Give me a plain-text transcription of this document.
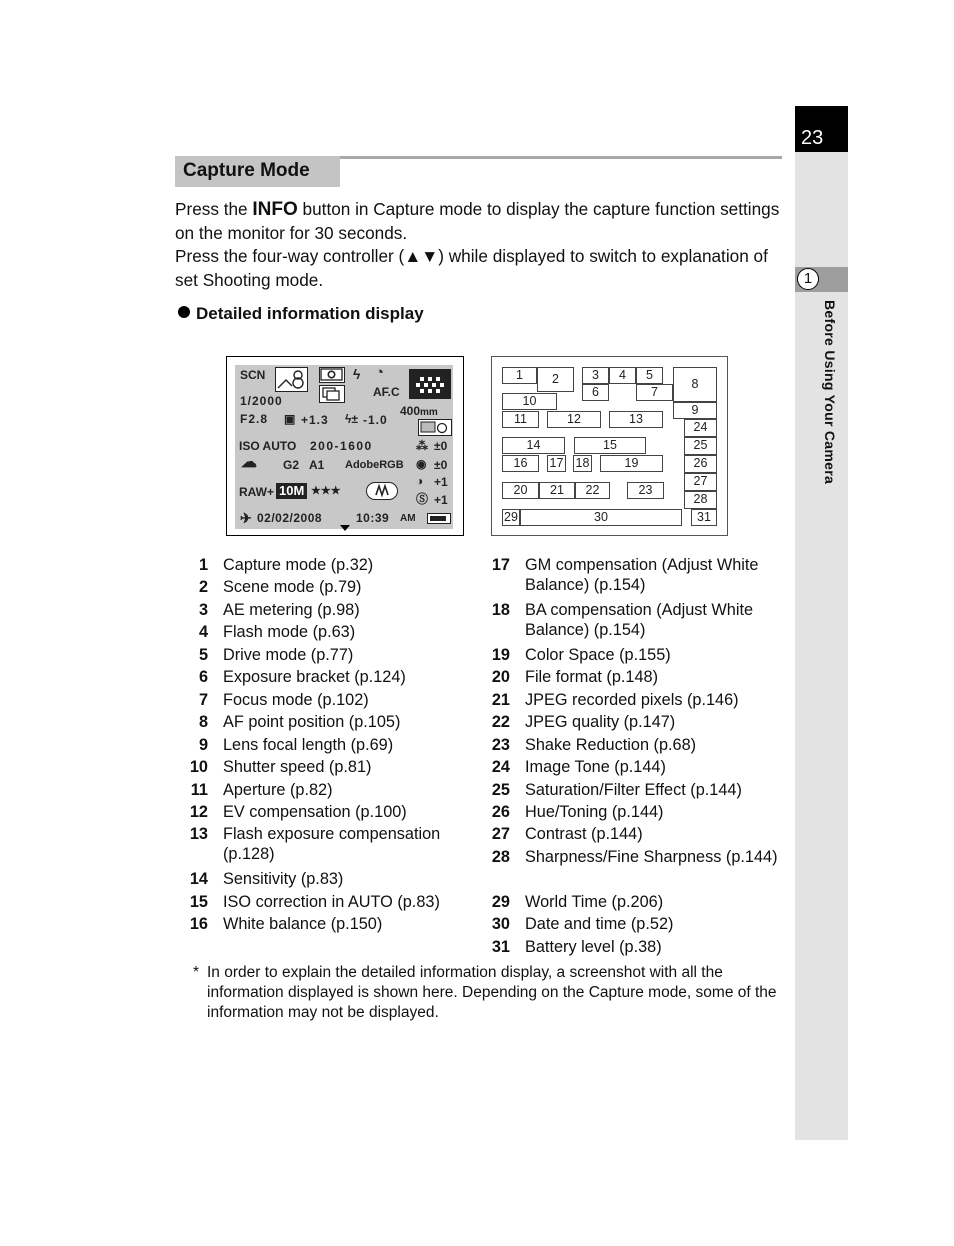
23
1
Before Using Your Camera
Capture Mode
Press the INFO button in Capture mode to display the capture function settings on the monitor for 30 seconds.
Press the four-way controller (▲▼) while displayed to switch to explanation of set Shooting mode.
Detailed information display
SCN	ϟ ◔
AF.C
1/2000
400mm
F2.8 ▣ +1.3 ϟ± -1.0
ISO AUTO 200-1600	⁂ ±0
☁ G2 A1 AdobeRGB ◉ ±0
◑ +1
RAW+ 10M ★★★
Ⓢ +1
✈ 02/02/2008	10:39 AM
1	2	3	4	5
6	7
8
9
10
11	12	13
24
14	15	25
16	17 18	19	26
27
20	21	22	23
28
29	30	31
1 Capture mode (p.32)
2 Scene mode (p.79)
3 AE metering (p.98)
4 Flash mode (p.63)
5 Drive mode (p.77)
6 Exposure bracket (p.124)
7 Focus mode (p.102)
8 AF point position (p.105)
9 Lens focal length (p.69)
10 Shutter speed (p.81)
11 Aperture (p.82)
12 EV compensation (p.100)
13 Flash exposure compensation (p.128)
14 Sensitivity (p.83)
15 ISO correction in AUTO (p.83)
16 White balance (p.150)
17 GM compensation (Adjust White Balance) (p.154)
18 BA compensation (Adjust White Balance) (p.154)
19 Color Space (p.155)
20 File format (p.148)
21 JPEG recorded pixels (p.146)
22 JPEG quality (p.147)
23 Shake Reduction (p.68)
24 Image Tone (p.144)
25 Saturation/Filter Effect (p.144)
26 Hue/Toning (p.144)
27 Contrast (p.144)
28 Sharpness/Fine Sharpness (p.144)
29 World Time (p.206)
30 Date and time (p.52)
31 Battery level (p.38)
* In order to explain the detailed information display, a screenshot with all the information displayed is shown here. Depending on the Capture mode, some of the information may not be displayed.
